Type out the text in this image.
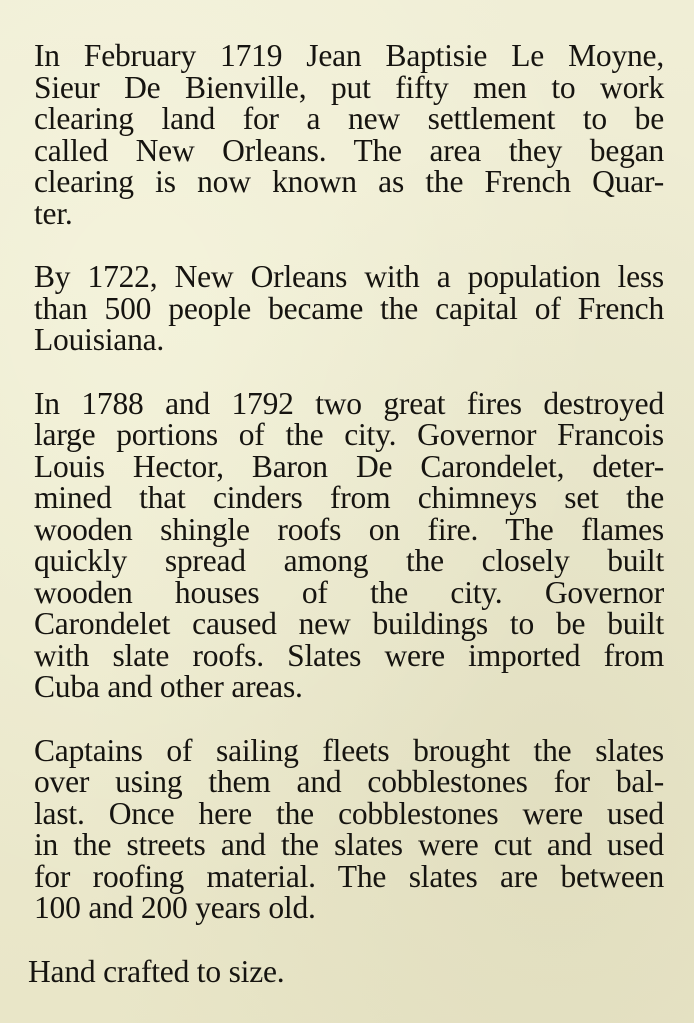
In February 1719 Jean Baptisie Le Moyne,
Sieur De Bienville, put fifty men to work
clearing land for a new settlement to be
called New Orleans. The area they began
clearing is now known as the French Quar-
ter.

By 1722, New Orleans with a population less
than 500 people became the capital of French
Louisiana.

In 1788 and 1792 two great fires destroyed
large portions of the city. Governor Francois
Louis Hector, Baron De Carondelet, deter-
mined that cinders from chimneys set the
wooden shingle roofs on fire. The flames
quickly spread among the closely built
wooden houses of the city. Governor
Carondelet caused new buildings to be built
with slate roofs. Slates were imported from
Cuba and other areas.

Captains of sailing fleets brought the slates
over using them and cobblestones for bal-
last. Once here the cobblestones were used
in the streets and the slates were cut and used
for roofing material. The slates are between
100 and 200 years old.

Hand crafted to size.
